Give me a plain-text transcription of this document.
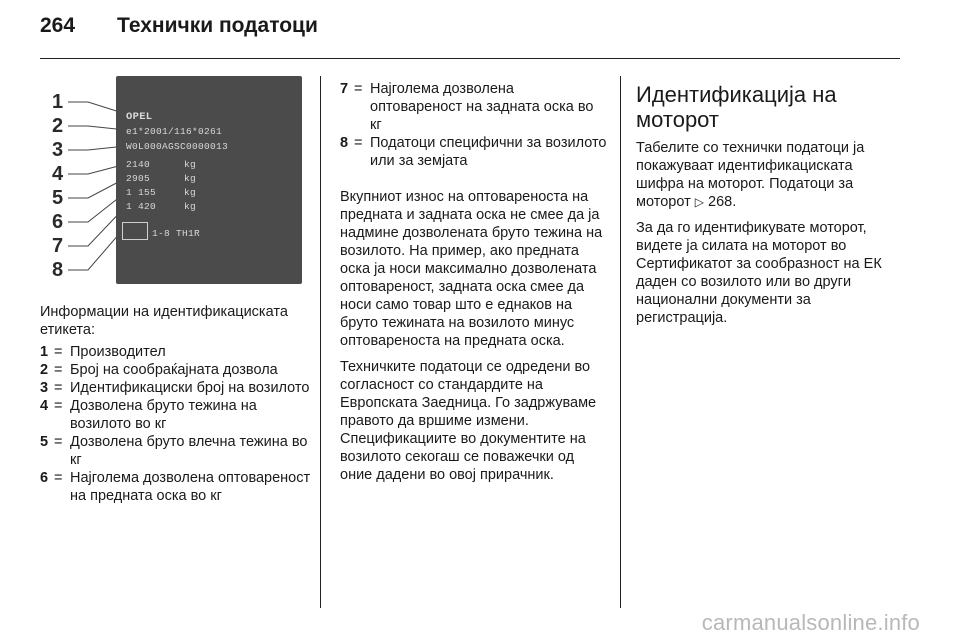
264 Технички податоци
1
2
3
4
5
6
7
8
OPEL
e1*2001/116*0261
W0L000AGSC0000013
2140	kg
2905	kg
1 155	kg
1 420	kg
1-8 TH1R
Информации на идентификациската етикета:
1 = Производител
2 = Број на сообраќајната дозвола
3 = Идентификациски број на возилото
4 = Дозволена бруто тежина на возилото во кг
5 = Дозволена бруто влечна тежина во кг
6 = Најголема дозволена оптовареност на предната оска во кг
7 = Најголема дозволена оптовареност на задната оска во кг
8 = Податоци специфични за возилото или за земјата

Вкупниот износ на оптовареноста на предната и задната оска не смее да ја надмине дозволената бруто тежина на возилото. На пример, ако предната оска ја носи максимално дозволената оптовареност, задната оска смее да носи само товар што е еднаков на бруто тежината на возилото минус оптовареноста на предната оска.

Техничките податоци се одредени во согласност со стандардите на Европската Заедница. Го задржуваме правото да вршиме измени. Спецификациите во документите на возилото секогаш се поважечки од оние дадени во овој прирачник.

Идентификација на моторот

Табелите со технички податоци ја покажуваат идентификациската шифра на моторот. Податоци за моторот ▷ 268.

За да го идентификувате моторот, видете ја силата на моторот во Сертификатот за сообразност на ЕК даден со возилото или во други национални документи за регистрација.

carmanualsonline.info
